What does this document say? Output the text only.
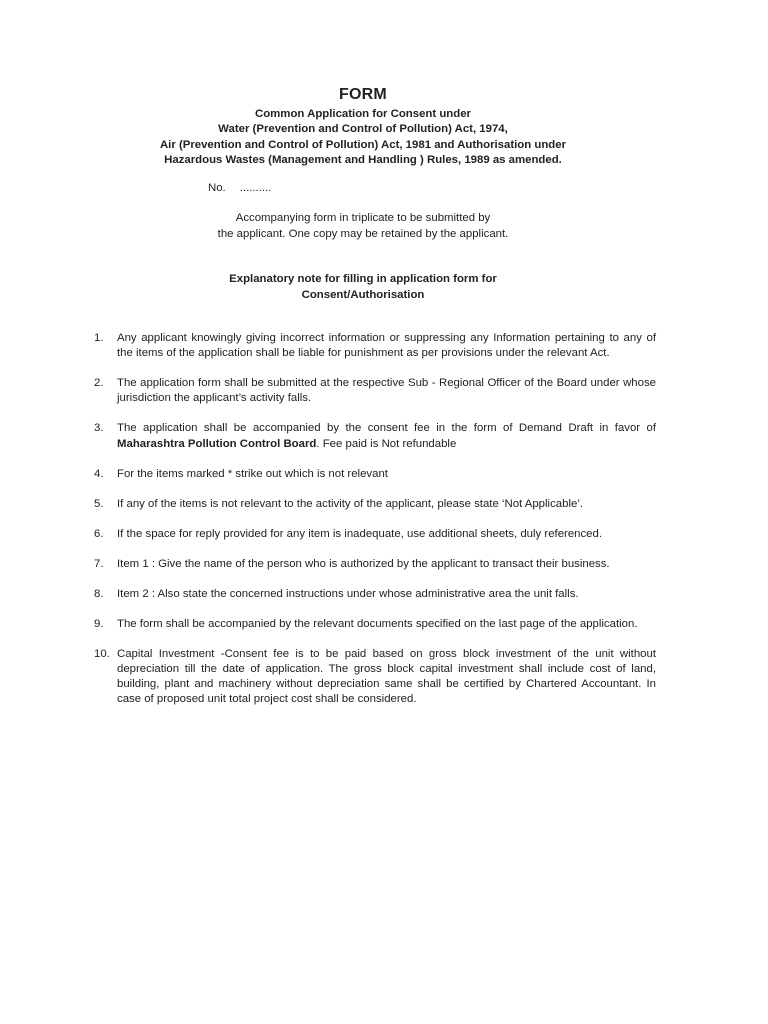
FORM
Common Application for Consent under
Water (Prevention and Control of Pollution) Act, 1974,
Air (Prevention and Control of Pollution) Act, 1981 and Authorisation under
Hazardous Wastes (Management and Handling ) Rules, 1989 as amended.
No. ..........
Accompanying form in triplicate to be submitted by
the applicant. One copy may be retained by the applicant.
Explanatory note for filling in application form for
Consent/Authorisation
1. Any applicant knowingly giving incorrect information or suppressing any Information pertaining to any of the items of the application shall be liable for punishment as per provisions under the relevant Act.
2. The application form shall be submitted at the respective Sub - Regional Officer of the Board under whose jurisdiction the applicant’s activity falls.
3. The application shall be accompanied by the consent fee in the form of Demand Draft in favor of Maharashtra Pollution Control Board. Fee paid is Not refundable
4. For the items marked * strike out which is not relevant
5. If any of the items is not relevant to the activity of the applicant, please state ‘Not Applicable’.
6. If the space for reply provided for any item is inadequate, use additional sheets, duly referenced.
7. Item 1 : Give the name of the person who is authorized by the applicant to transact their business.
8. Item 2 : Also state the concerned instructions under whose administrative area the unit falls.
9. The form shall be accompanied by the relevant documents specified on the last page of the application.
10. Capital Investment -Consent fee is to be paid based on gross block investment of the unit without depreciation till the date of application. The gross block capital investment shall include cost of land, building, plant and machinery without depreciation same shall be certified by Chartered Accountant. In case of proposed unit total project cost shall be considered.
